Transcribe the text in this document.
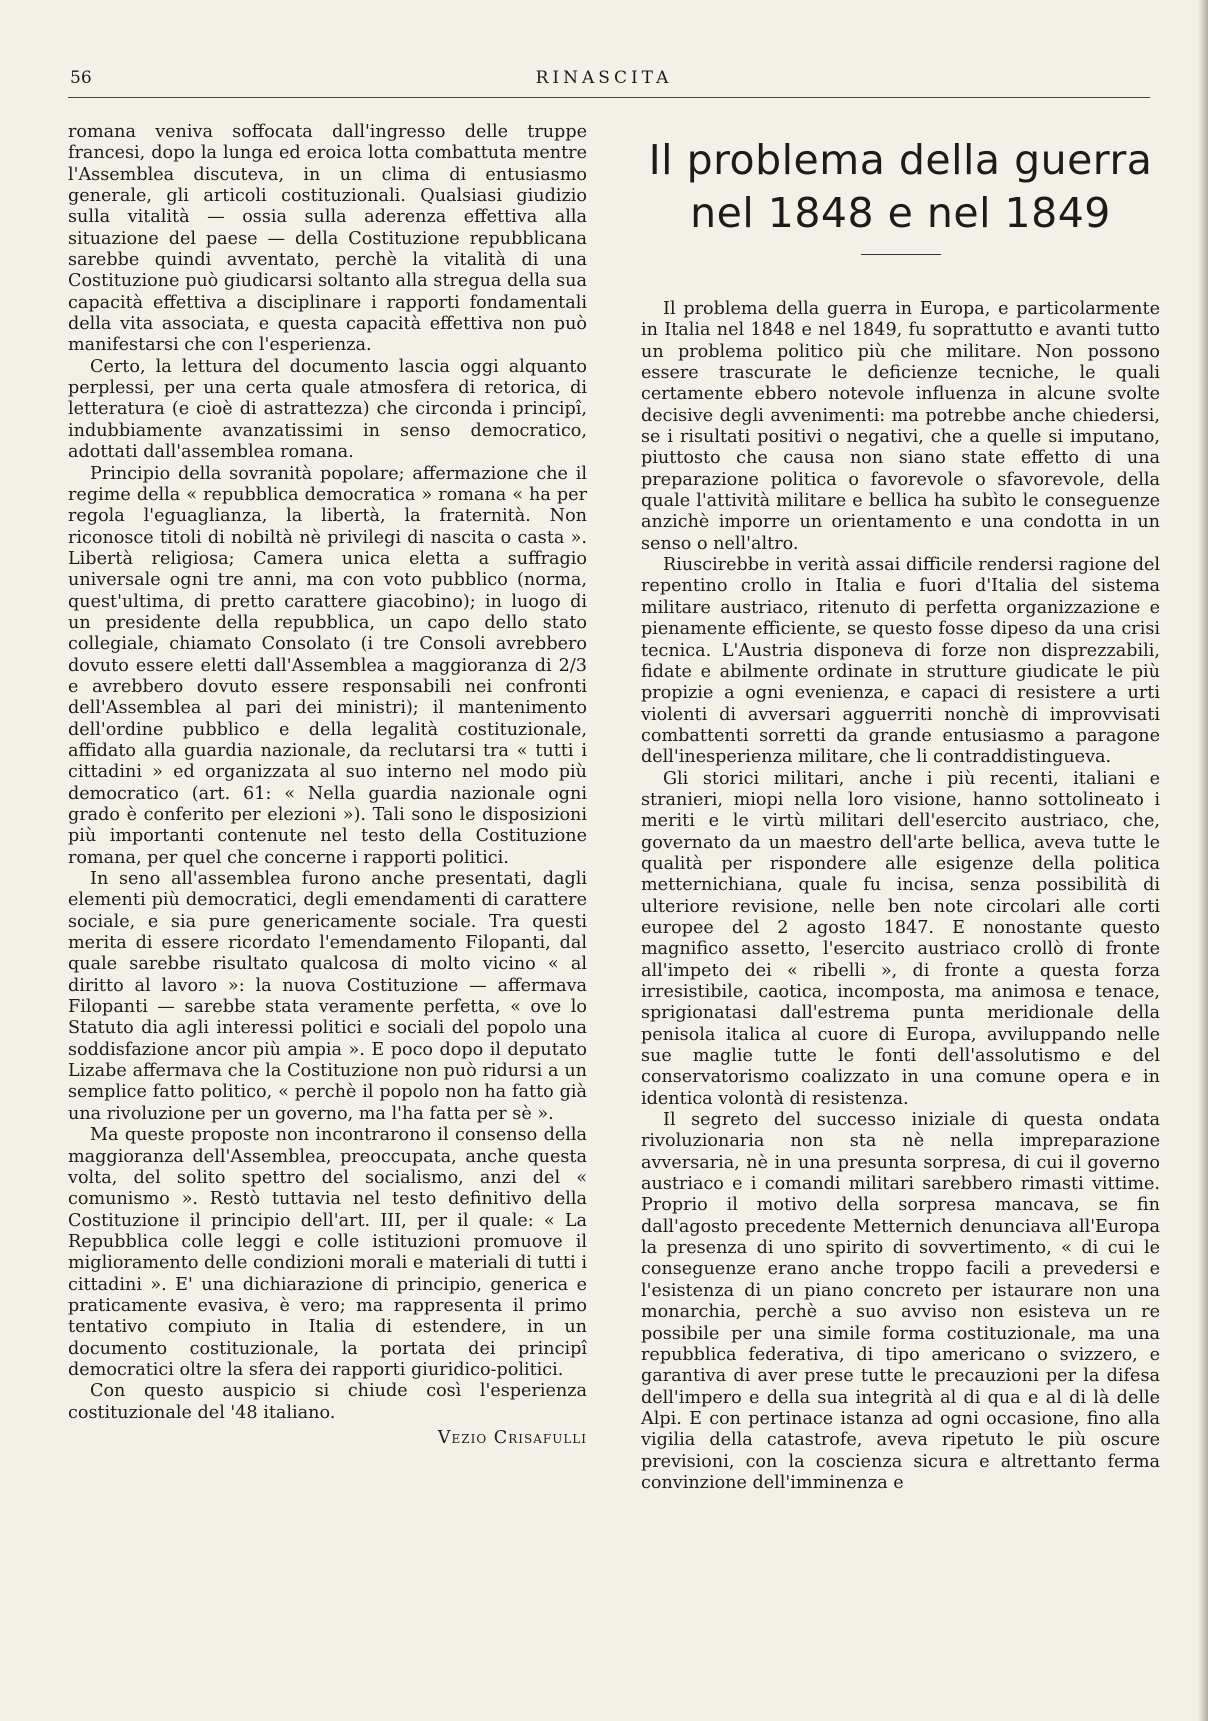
56	RINASCITA

romana veniva soffocata dall'ingresso delle truppe francesi, dopo la lunga ed eroica lotta combattuta mentre l'Assemblea discuteva, in un clima di entusiasmo generale, gli articoli costituzionali. Qualsiasi giudizio sulla vitalità — ossia sulla aderenza effettiva alla situazione del paese — della Costituzione repubblicana sarebbe quindi avventato, perchè la vitalità di una Costituzione può giudicarsi soltanto alla stregua della sua capacità effettiva a disciplinare i rapporti fondamentali della vita associata, e questa capacità effettiva non può manifestarsi che con l'esperienza.

Certo, la lettura del documento lascia oggi alquanto perplessi, per una certa quale atmosfera di retorica, di letteratura (e cioè di astrattezza) che circonda i principî, indubbiamente avanzatissimi in senso democratico, adottati dall'assemblea romana.

Principio della sovranità popolare; affermazione che il regime della « repubblica democratica » romana « ha per regola l'eguaglianza, la libertà, la fraternità. Non riconosce titoli di nobiltà nè privilegi di nascita o casta ». Libertà religiosa; Camera unica eletta a suffragio universale ogni tre anni, ma con voto pubblico (norma, quest'ultima, di pretto carattere giacobino); in luogo di un presidente della repubblica, un capo dello stato collegiale, chiamato Consolato (i tre Consoli avrebbero dovuto essere eletti dall'Assemblea a maggioranza di 2/3 e avrebbero dovuto essere responsabili nei confronti dell'Assemblea al pari dei ministri); il mantenimento dell'ordine pubblico e della legalità costituzionale, affidato alla guardia nazionale, da reclutarsi tra « tutti i cittadini » ed organizzata al suo interno nel modo più democratico (art. 61: « Nella guardia nazionale ogni grado è conferito per elezioni »). Tali sono le disposizioni più importanti contenute nel testo della Costituzione romana, per quel che concerne i rapporti politici.

In seno all'assemblea furono anche presentati, dagli elementi più democratici, degli emendamenti di carattere sociale, e sia pure genericamente sociale. Tra questi merita di essere ricordato l'emendamento Filopanti, dal quale sarebbe risultato qualcosa di molto vicino « al diritto al lavoro »: la nuova Costituzione — affermava Filopanti — sarebbe stata veramente perfetta, « ove lo Statuto dia agli interessi politici e sociali del popolo una soddisfazione ancor più ampia ». E poco dopo il deputato Lizabe affermava che la Costituzione non può ridursi a un semplice fatto politico, « perchè il popolo non ha fatto già una rivoluzione per un governo, ma l'ha fatta per sè ».

Ma queste proposte non incontrarono il consenso della maggioranza dell'Assemblea, preoccupata, anche questa volta, del solito spettro del socialismo, anzi del « comunismo ». Restò tuttavia nel testo definitivo della Costituzione il principio dell'art. III, per il quale: « La Repubblica colle leggi e colle istituzioni promuove il miglioramento delle condizioni morali e materiali di tutti i cittadini ». E' una dichiarazione di principio, generica e praticamente evasiva, è vero; ma rappresenta il primo tentativo compiuto in Italia di estendere, in un documento costituzionale, la portata dei principî democratici oltre la sfera dei rapporti giuridico-politici.

Con questo auspicio si chiude così l'esperienza costituzionale del '48 italiano.

Vezio Crisafulli
Il problema della guerra
nel 1848 e nel 1849

Il problema della guerra in Europa, e particolarmente in Italia nel 1848 e nel 1849, fu soprattutto e avanti tutto un problema politico più che militare. Non possono essere trascurate le deficienze tecniche, le quali certamente ebbero notevole influenza in alcune svolte decisive degli avvenimenti: ma potrebbe anche chiedersi, se i risultati positivi o negativi, che a quelle si imputano, piuttosto che causa non siano state effetto di una preparazione politica o favorevole o sfavorevole, della quale l'attività militare e bellica ha subìto le conseguenze anzichè imporre un orientamento e una condotta in un senso o nell'altro.

Riuscirebbe in verità assai difficile rendersi ragione del repentino crollo in Italia e fuori d'Italia del sistema militare austriaco, ritenuto di perfetta organizzazione e pienamente efficiente, se questo fosse dipeso da una crisi tecnica. L'Austria disponeva di forze non disprezzabili, fidate e abilmente ordinate in strutture giudicate le più propizie a ogni evenienza, e capaci di resistere a urti violenti di avversari agguerriti nonchè di improvvisati combattenti sorretti da grande entusiasmo a paragone dell'inesperienza militare, che li contraddistingueva.

Gli storici militari, anche i più recenti, italiani e stranieri, miopi nella loro visione, hanno sottolineato i meriti e le virtù militari dell'esercito austriaco, che, governato da un maestro dell'arte bellica, aveva tutte le qualità per rispondere alle esigenze della politica metternichiana, quale fu incisa, senza possibilità di ulteriore revisione, nelle ben note circolari alle corti europee del 2 agosto 1847. E nonostante questo magnifico assetto, l'esercito austriaco crollò di fronte all'impeto dei « ribelli », di fronte a questa forza irresistibile, caotica, incomposta, ma animosa e tenace, sprigionatasi dall'estrema punta meridionale della penisola italica al cuore di Europa, avviluppando nelle sue maglie tutte le fonti dell'assolutismo e del conservatorismo coalizzato in una comune opera e in identica volontà di resistenza.

Il segreto del successo iniziale di questa ondata rivoluzionaria non sta nè nella impreparazione avversaria, nè in una presunta sorpresa, di cui il governo austriaco e i comandi militari sarebbero rimasti vittime. Proprio il motivo della sorpresa mancava, se fin dall'agosto precedente Metternich denunciava all'Europa la presenza di uno spirito di sovvertimento, « di cui le conseguenze erano anche troppo facili a prevedersi e l'esistenza di un piano concreto per istaurare non una monarchia, perchè a suo avviso non esisteva un re possibile per una simile forma costituzionale, ma una repubblica federativa, di tipo americano o svizzero, e garantiva di aver prese tutte le precauzioni per la difesa dell'impero e della sua integrità al di qua e al di là delle Alpi. E con pertinace istanza ad ogni occasione, fino alla vigilia della catastrofe, aveva ripetuto le più oscure previsioni, con la coscienza sicura e altrettanto ferma convinzione dell'imminenza e
